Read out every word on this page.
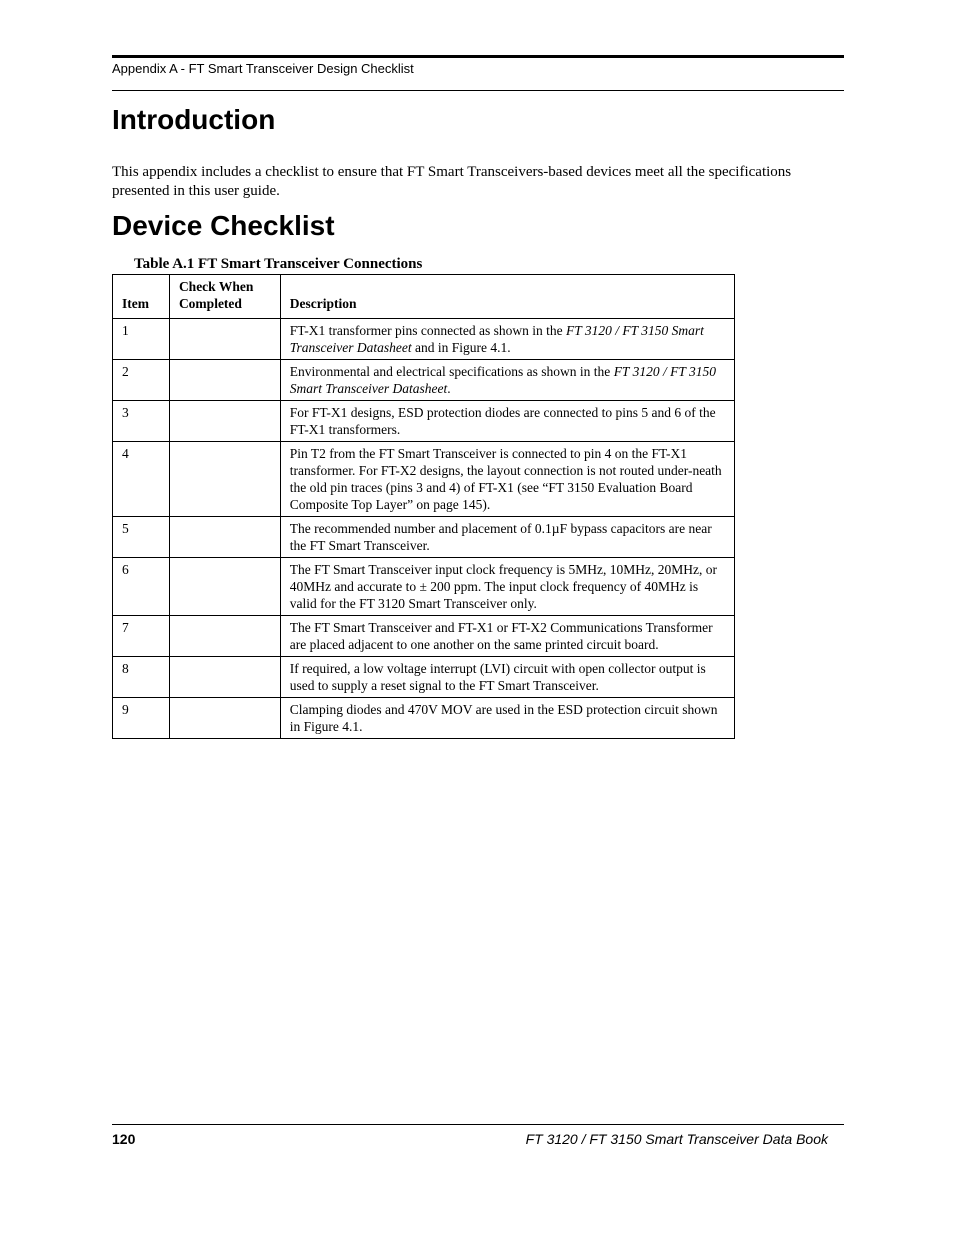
Appendix A - FT Smart Transceiver Design Checklist
Introduction

This appendix includes a checklist to ensure that FT Smart Transceivers-based devices meet all the specifications presented in this user guide.

Device Checklist
Table A.1 FT Smart Transceiver Connections
Item	Check When Completed	Description
1		FT-X1 transformer pins connected as shown in the FT 3120 / FT 3150 Smart Transceiver Datasheet and in Figure 4.1.
2		Environmental and electrical specifications as shown in the FT 3120 / FT 3150 Smart Transceiver Datasheet.
3		For FT-X1 designs, ESD protection diodes are connected to pins 5 and 6 of the FT-X1 transformers.
4		Pin T2 from the FT Smart Transceiver is connected to pin 4 on the FT-X1 transformer. For FT-X2 designs, the layout connection is not routed under-neath the old pin traces (pins 3 and 4) of FT-X1 (see “FT 3150 Evaluation Board Composite Top Layer” on page 145).
5		The recommended number and placement of 0.1µF bypass capacitors are near the FT Smart Transceiver.
6		The FT Smart Transceiver input clock frequency is 5MHz, 10MHz, 20MHz, or 40MHz and accurate to ± 200 ppm. The input clock frequency of 40MHz is valid for the FT 3120 Smart Transceiver only.
7		The FT Smart Transceiver and FT-X1 or FT-X2 Communications Transformer are placed adjacent to one another on the same printed circuit board.
8		If required, a low voltage interrupt (LVI) circuit with open collector output is used to supply a reset signal to the FT Smart Transceiver.
9		Clamping diodes and 470V MOV are used in the ESD protection circuit shown in Figure 4.1.
120	FT 3120 / FT 3150 Smart Transceiver Data Book
